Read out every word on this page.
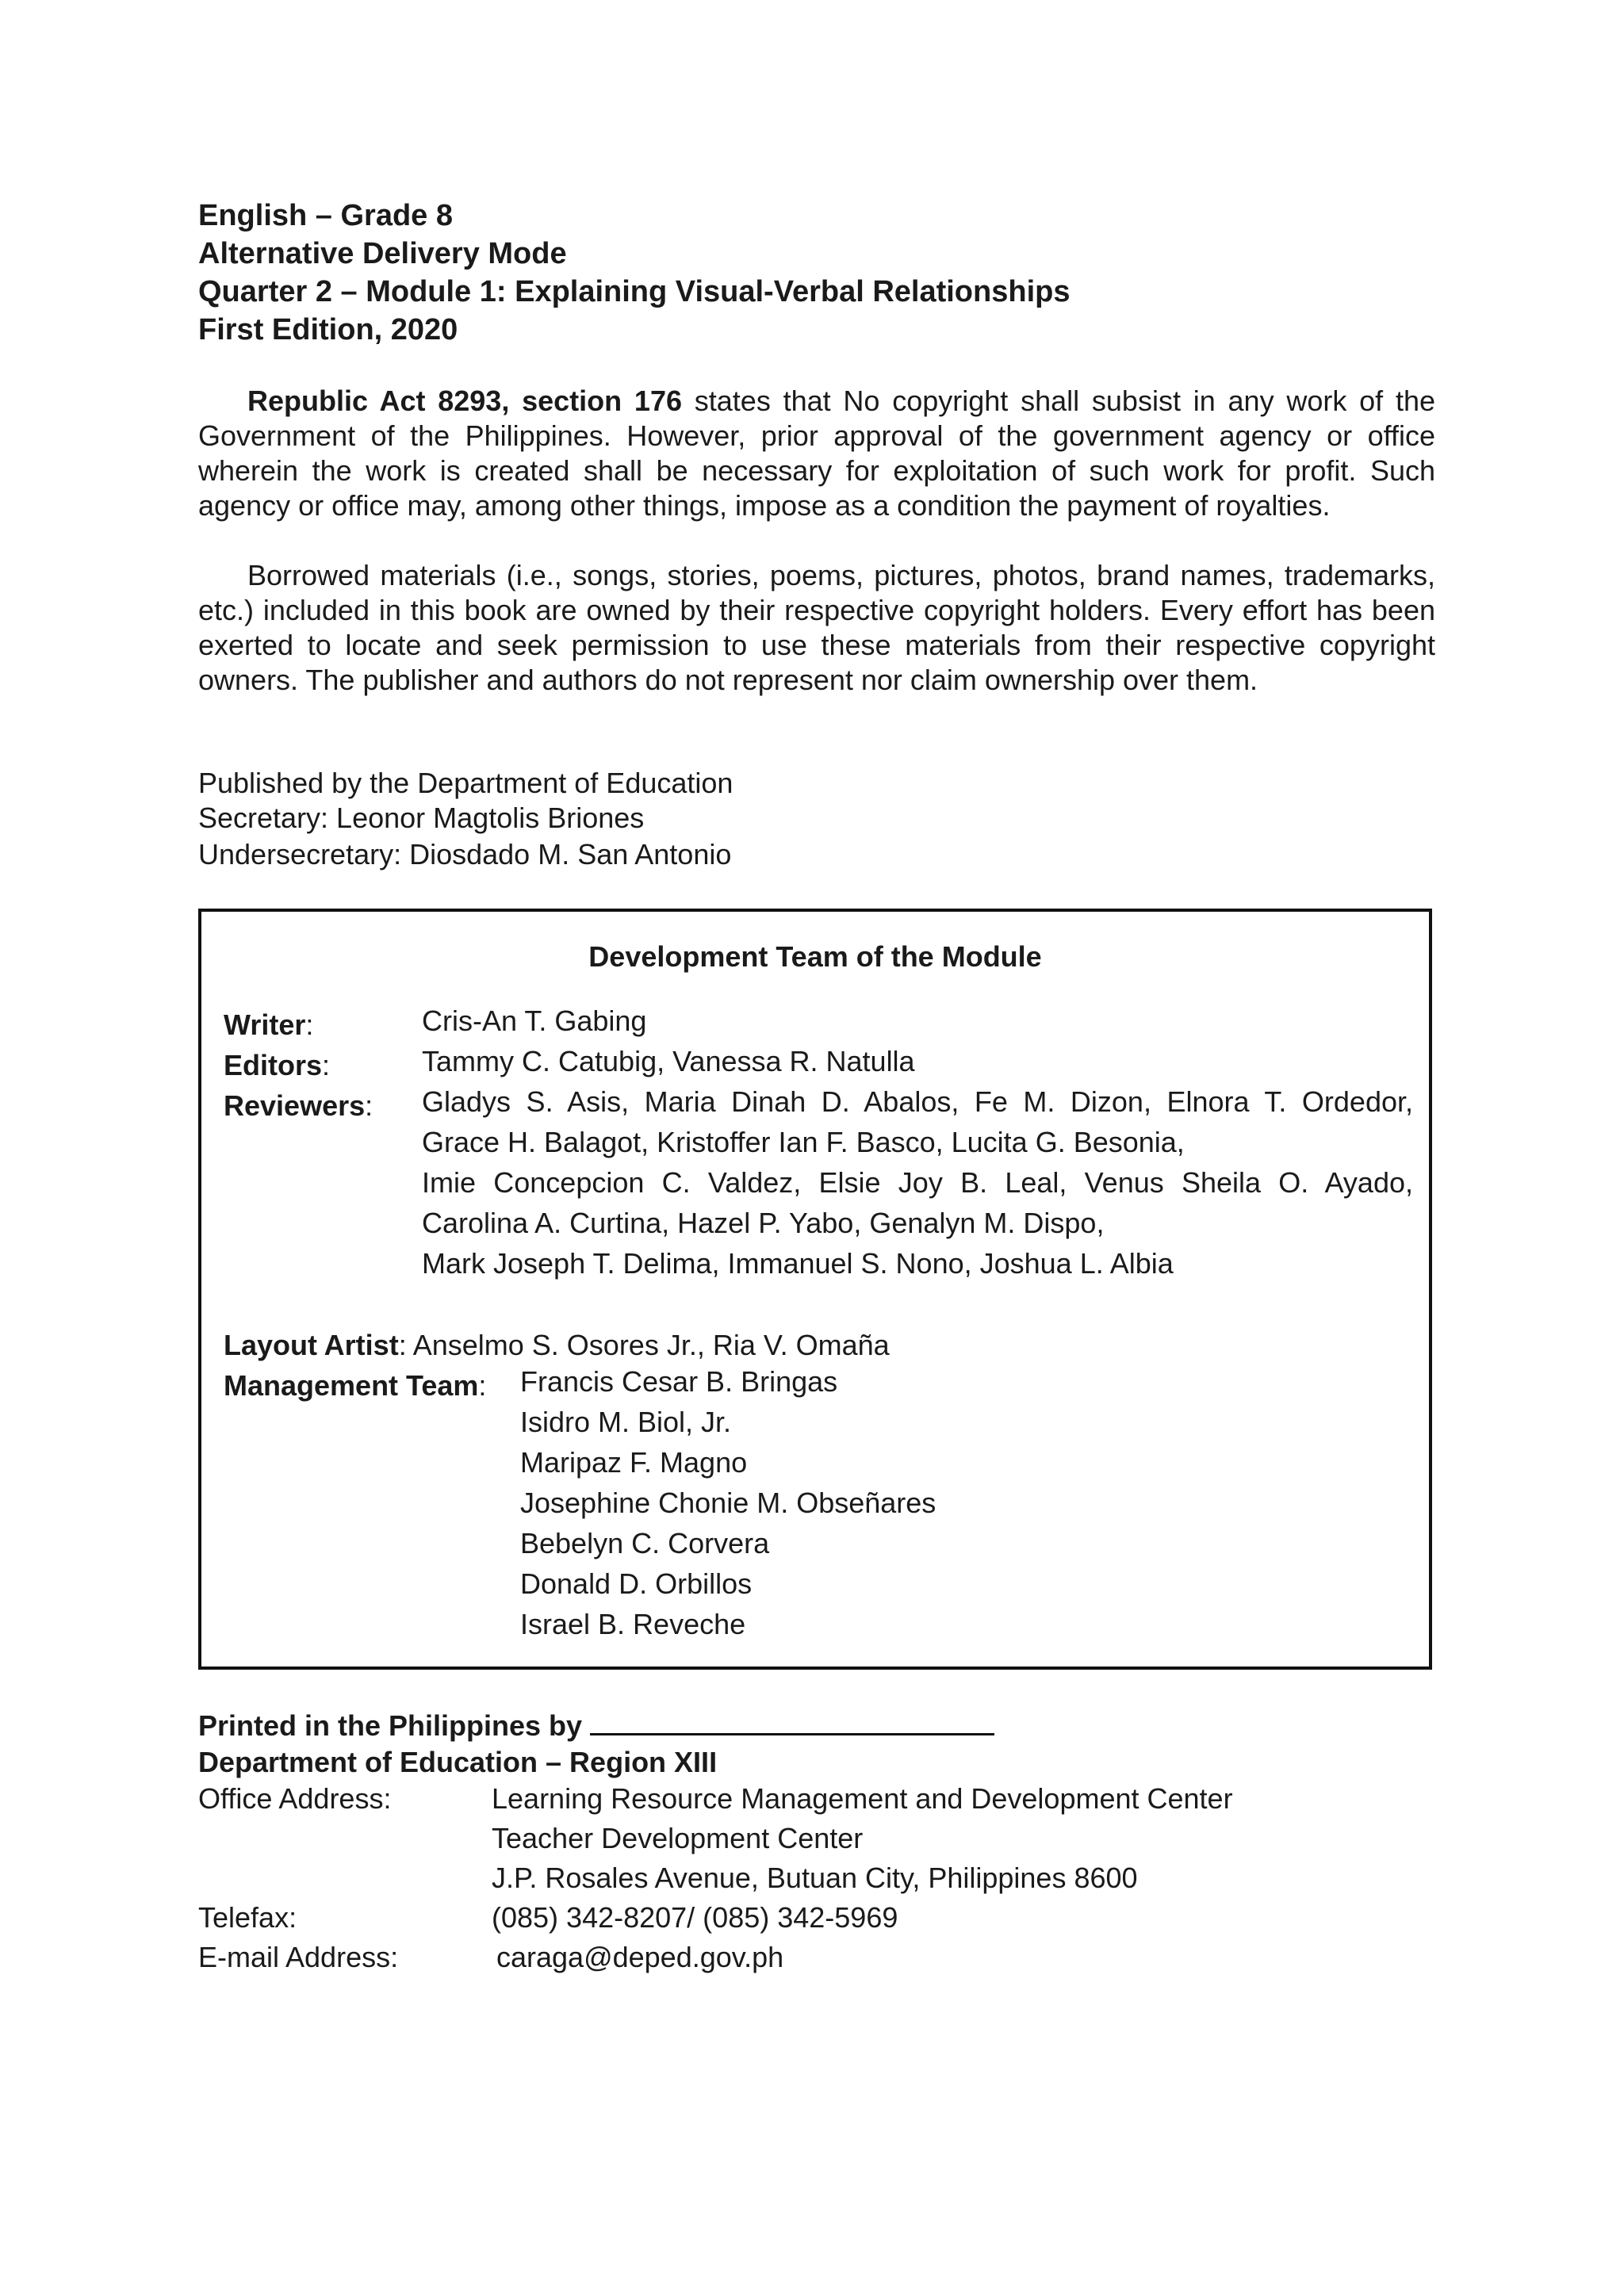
English – Grade 8
Alternative Delivery Mode
Quarter 2 – Module 1: Explaining Visual-Verbal Relationships
First Edition, 2020
Republic Act 8293, section 176 states that No copyright shall subsist in any work of the Government of the Philippines. However, prior approval of the government agency or office wherein the work is created shall be necessary for exploitation of such work for profit. Such agency or office may, among other things, impose as a condition the payment of royalties.
Borrowed materials (i.e., songs, stories, poems, pictures, photos, brand names, trademarks, etc.) included in this book are owned by their respective copyright holders. Every effort has been exerted to locate and seek permission to use these materials from their respective copyright owners. The publisher and authors do not represent nor claim ownership over them.
Published by the Department of Education
Secretary: Leonor Magtolis Briones
Undersecretary: Diosdado M. San Antonio
Development Team of the Module
Writer:	Cris-An T. Gabing
Editors:	Tammy C. Catubig, Vanessa R. Natulla
Reviewers: Gladys S. Asis, Maria Dinah D. Abalos, Fe M. Dizon, Elnora T. Ordedor,
Grace H. Balagot, Kristoffer Ian F. Basco, Lucita G. Besonia,
Imie Concepcion C. Valdez, Elsie Joy B. Leal, Venus Sheila O. Ayado,
Carolina A. Curtina, Hazel P. Yabo, Genalyn M. Dispo,
Mark Joseph T. Delima, Immanuel S. Nono, Joshua L. Albia
Layout Artist: Anselmo S. Osores Jr., Ria V. Omaña
Management Team: Francis Cesar B. Bringas
Isidro M. Biol, Jr.
Maripaz F. Magno
Josephine Chonie M. Obseñares
Bebelyn C. Corvera
Donald D. Orbillos
Israel B. Reveche
Printed in the Philippines by
Department of Education – Region XIII
Office Address:	Learning Resource Management and Development Center
Teacher Development Center
J.P. Rosales Avenue, Butuan City, Philippines 8600
Telefax:	(085) 342-8207/ (085) 342-5969
E-mail Address:	caraga@deped.gov.ph
